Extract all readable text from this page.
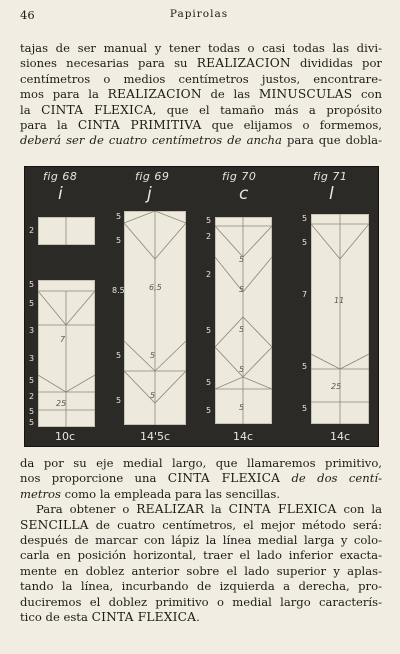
46	Papirolas
tajas de ser manual y tener todas o casi todas las divi-
siones necesarias para su REALIZACION divididas por
centímetros o medios centímetros justos, encontrare-
mos para la REALIZACION de las MINUSCULAS con
la CINTA FLEXICA, que el tamaño más a propósito
para la CINTA PRIMITIVA que elijamos o formemos,
deberá ser de cuatro centímetros de ancha para que dobla-
fig 68
i
2
7
25
5
5
3
3
5
2
5
5
10c
fig 69
j
6,5
5
5
5
5
8.5
5
5
14'5c
fig 70
c
5
5
5
5
5
5
2
2
5
5
5
14c
fig 71
l
11
25
5
5
7
5
5
14c
da por su eje medial largo, que llamaremos primitivo,
nos proporcione una CINTA FLEXICA de dos centí-
metros como la empleada para las sencillas.
Para obtener o REALIZAR la CINTA FLEXICA con la
SENCILLA de cuatro centímetros, el mejor método será:
después de marcar con lápiz la línea medial larga y colo-
carla en posición horizontal, traer el lado inferior exacta-
mente en doblez anterior sobre el lado superior y aplas-
tando la línea, incurbando de izquierda a derecha, pro-
duciremos el doblez primitivo o medial largo caracterís-
tico de esta CINTA FLEXICA.
